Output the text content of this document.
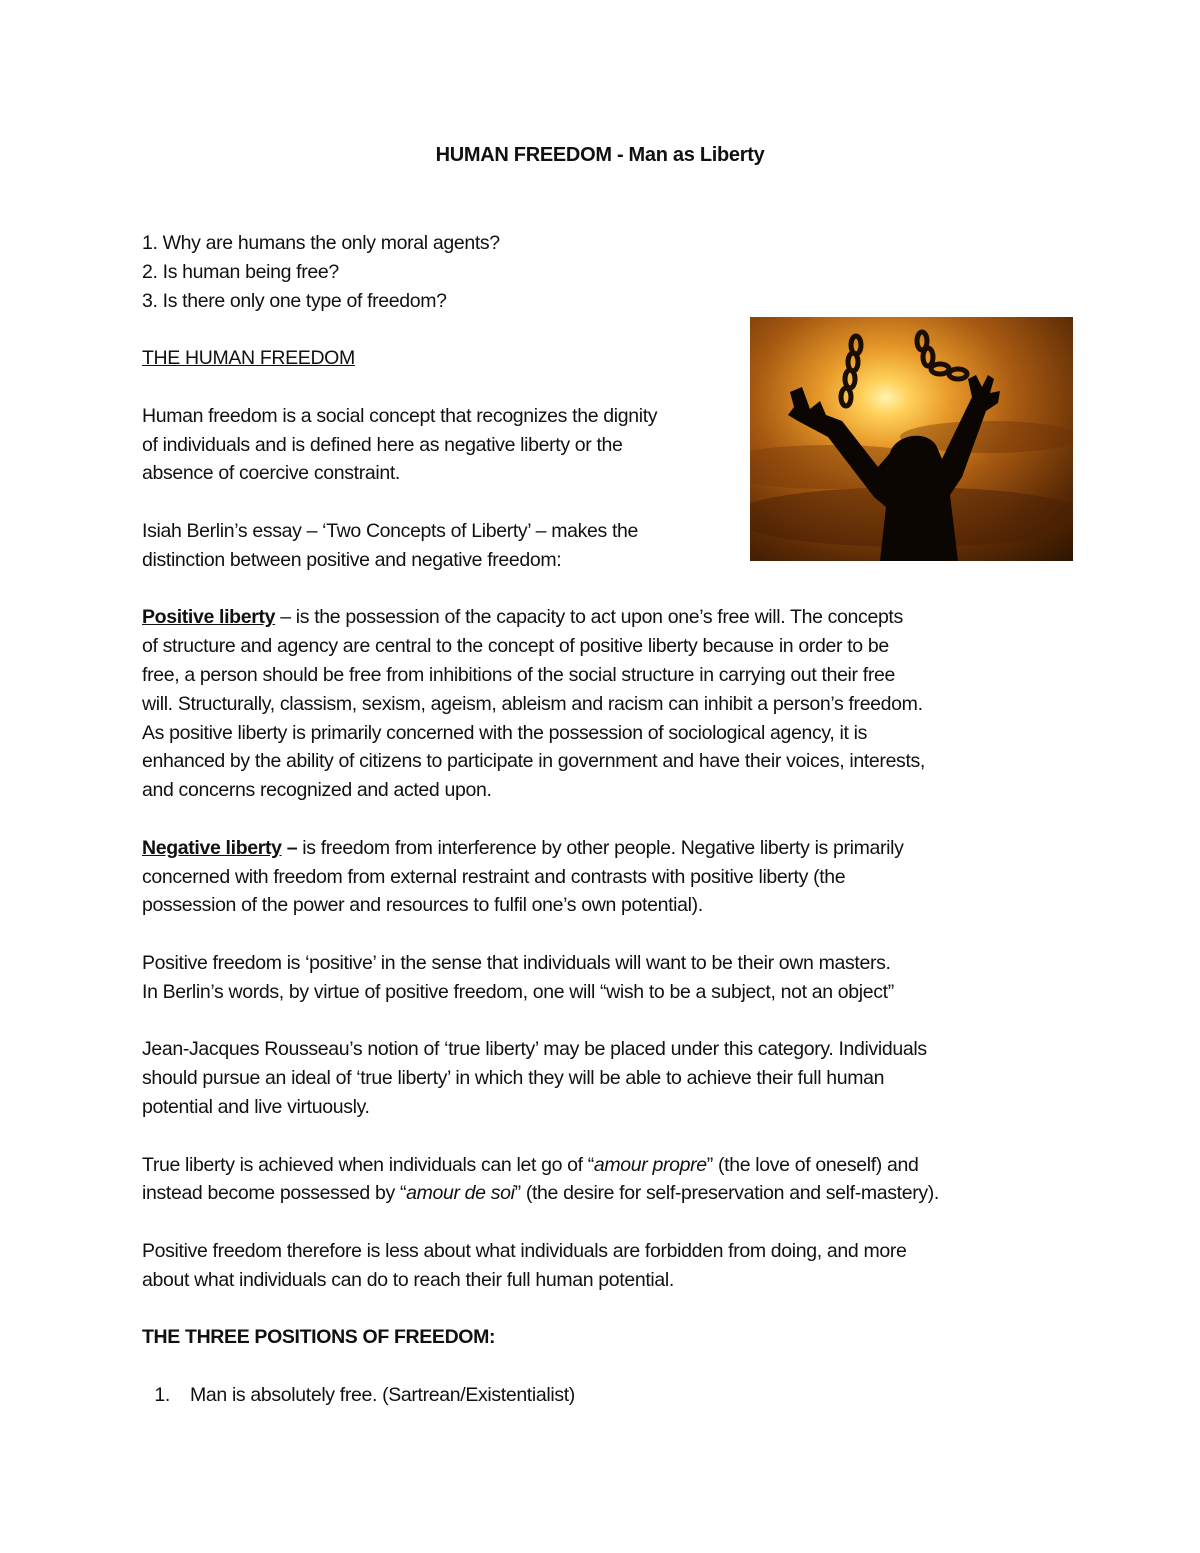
HUMAN FREEDOM - Man as Liberty

1. Why are humans the only moral agents?

2. Is human being free?

3. Is there only one type of freedom?

THE HUMAN FREEDOM

Human freedom is a social concept that recognizes the dignity

of individuals and is defined here as negative liberty or the

absence of coercive constraint.

Isiah Berlin’s essay – ‘Two Concepts of Liberty’ – makes the

distinction between positive and negative freedom:

Positive liberty – is the possession of the capacity to act upon one’s free will. The concepts

of structure and agency are central to the concept of positive liberty because in order to be

free, a person should be free from inhibitions of the social structure in carrying out their free

will. Structurally, classism, sexism, ageism, ableism and racism can inhibit a person’s freedom.

As positive liberty is primarily concerned with the possession of sociological agency, it is

enhanced by the ability of citizens to participate in government and have their voices, interests,

and concerns recognized and acted upon.

Negative liberty – is freedom from interference by other people. Negative liberty is primarily

concerned with freedom from external restraint and contrasts with positive liberty (the

possession of the power and resources to fulfil one’s own potential).

Positive freedom is ‘positive’ in the sense that individuals will want to be their own masters.

In Berlin’s words, by virtue of positive freedom, one will “wish to be a subject, not an object”

Jean-Jacques Rousseau’s notion of ‘true liberty’ may be placed under this category. Individuals

should pursue an ideal of ‘true liberty’ in which they will be able to achieve their full human

potential and live virtuously.

True liberty is achieved when individuals can let go of “amour propre” (the love of oneself) and

instead become possessed by “amour de soi” (the desire for self-preservation and self-mastery).

Positive freedom therefore is less about what individuals are forbidden from doing, and more

about what individuals can do to reach their full human potential.

THE THREE POSITIONS OF FREEDOM:

1.	Man is absolutely free. (Sartrean/Existentialist)
